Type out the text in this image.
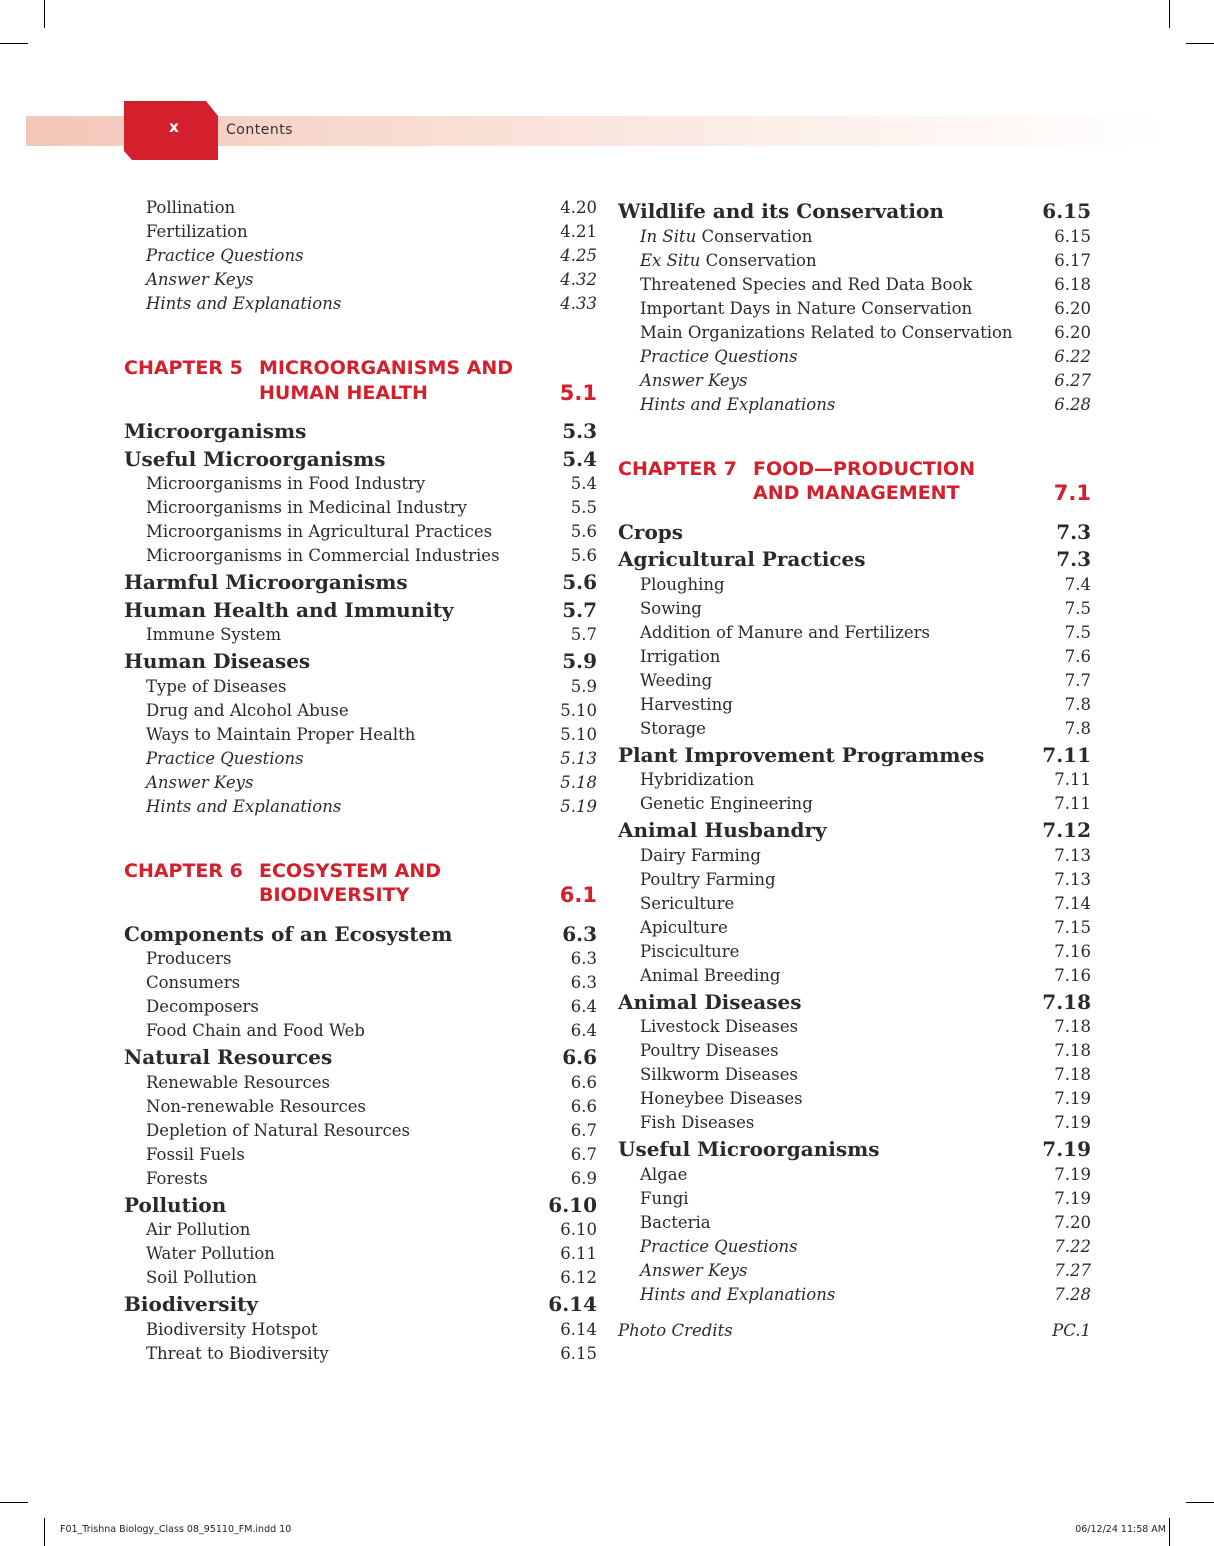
x	Contents
Pollination	4.20
Fertilization	4.21
Practice Questions	4.25
Answer Keys	4.32
Hints and Explanations	4.33
CHAPTER 5 MICROORGANISMS AND
HUMAN HEALTH	5.1
Microorganisms	5.3
Useful Microorganisms	5.4
Microorganisms in Food Industry	5.4
Microorganisms in Medicinal Industry	5.5
Microorganisms in Agricultural Practices	5.6
Microorganisms in Commercial Industries	5.6
Harmful Microorganisms	5.6
Human Health and Immunity	5.7
Immune System	5.7
Human Diseases	5.9
Type of Diseases	5.9
Drug and Alcohol Abuse	5.10
Ways to Maintain Proper Health	5.10
Practice Questions	5.13
Answer Keys	5.18
Hints and Explanations	5.19
CHAPTER 6 ECOSYSTEM AND
BIODIVERSITY	6.1
Components of an Ecosystem	6.3
Producers	6.3
Consumers	6.3
Decomposers	6.4
Food Chain and Food Web	6.4
Natural Resources	6.6
Renewable Resources	6.6
Non-renewable Resources	6.6
Depletion of Natural Resources	6.7
Fossil Fuels	6.7
Forests	6.9
Pollution	6.10
Air Pollution	6.10
Water Pollution	6.11
Soil Pollution	6.12
Biodiversity	6.14
Biodiversity Hotspot	6.14
Threat to Biodiversity	6.15
Wildlife and its Conservation	6.15
In Situ Conservation	6.15
Ex Situ Conservation	6.17
Threatened Species and Red Data Book	6.18
Important Days in Nature Conservation	6.20
Main Organizations Related to Conservation	6.20
Practice Questions	6.22
Answer Keys	6.27
Hints and Explanations	6.28
CHAPTER 7 FOOD—PRODUCTION
AND MANAGEMENT	7.1
Crops	7.3
Agricultural Practices	7.3
Ploughing	7.4
Sowing	7.5
Addition of Manure and Fertilizers	7.5
Irrigation	7.6
Weeding	7.7
Harvesting	7.8
Storage	7.8
Plant Improvement Programmes	7.11
Hybridization	7.11
Genetic Engineering	7.11
Animal Husbandry	7.12
Dairy Farming	7.13
Poultry Farming	7.13
Sericulture	7.14
Apiculture	7.15
Pisciculture	7.16
Animal Breeding	7.16
Animal Diseases	7.18
Livestock Diseases	7.18
Poultry Diseases	7.18
Silkworm Diseases	7.18
Honeybee Diseases	7.19
Fish Diseases	7.19
Useful Microorganisms	7.19
Algae	7.19
Fungi	7.19
Bacteria	7.20
Practice Questions	7.22
Answer Keys	7.27
Hints and Explanations	7.28
Photo Credits	PC.1
F01_Trishna Biology_Class 08_95110_FM.indd 10	06/12/24 11:58 AM
